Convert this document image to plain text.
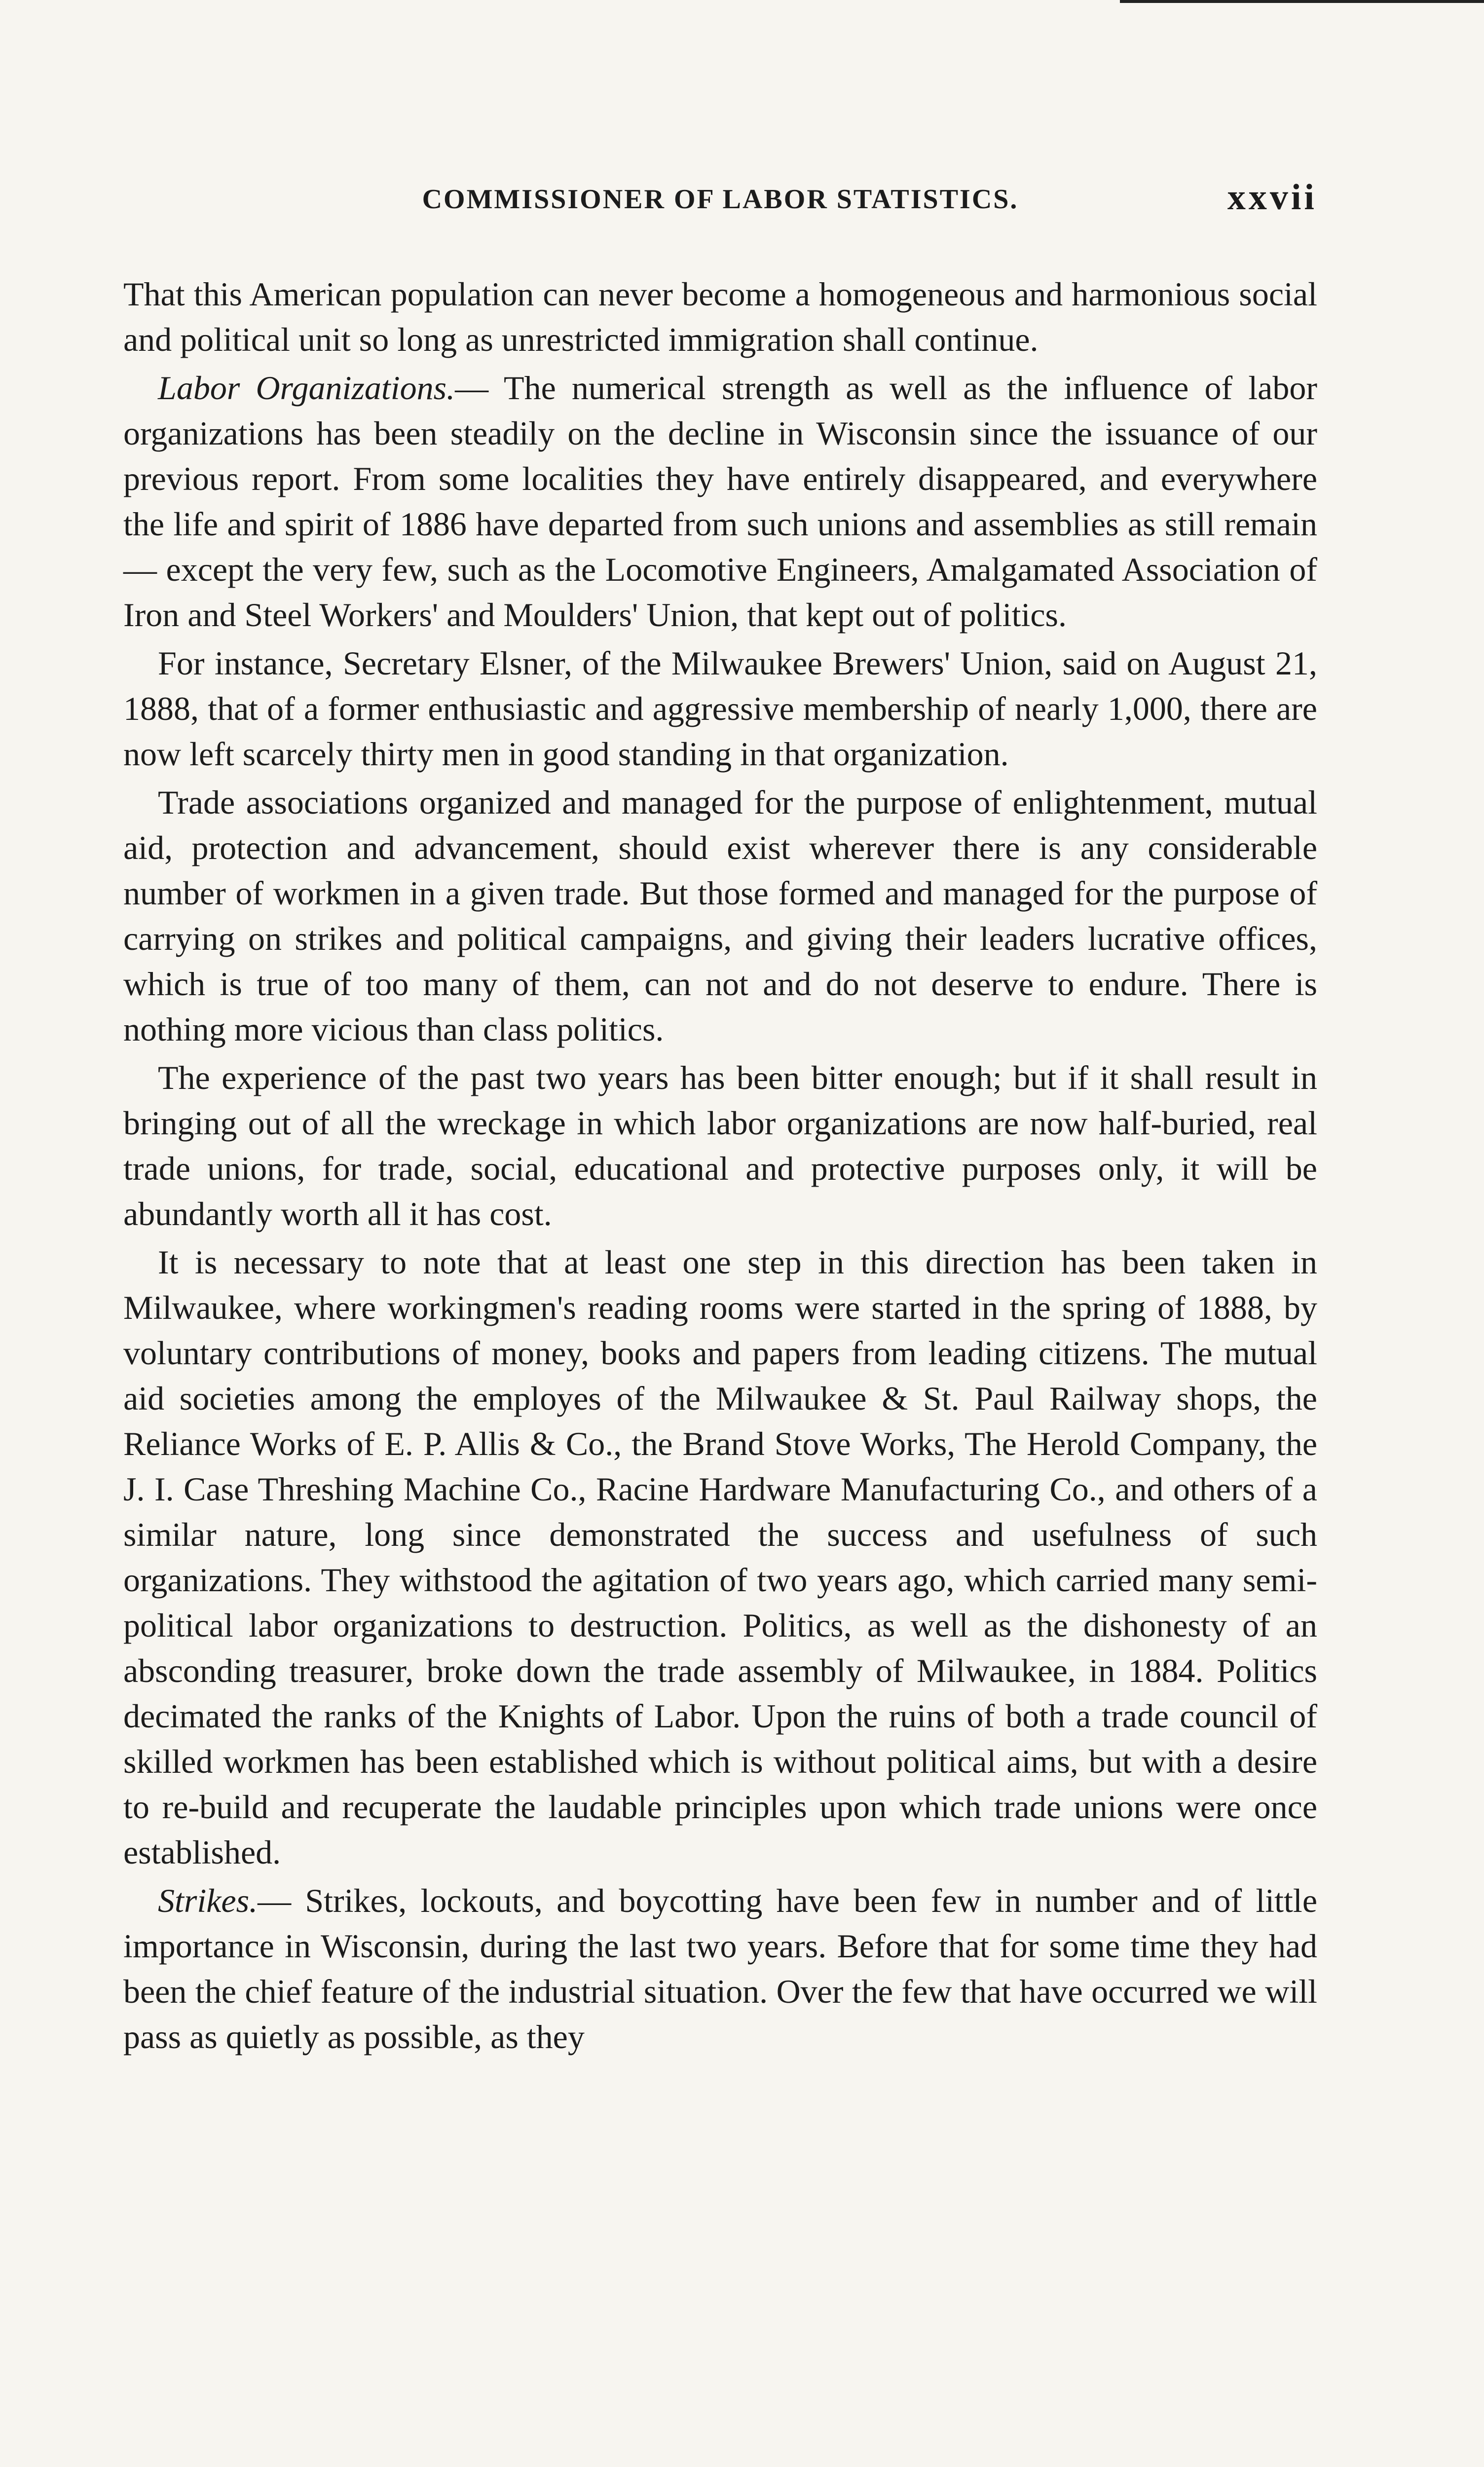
COMMISSIONER OF LABOR STATISTICS.	xxvii

That this American population can never become a homogeneous and harmonious social and political unit so long as unrestricted immigration shall continue.

Labor Organizations.— The numerical strength as well as the influence of labor organizations has been steadily on the decline in Wisconsin since the issuance of our previous report. From some localities they have entirely disappeared, and everywhere the life and spirit of 1886 have departed from such unions and assemblies as still remain — except the very few, such as the Locomotive Engineers, Amalgamated Association of Iron and Steel Workers' and Moulders' Union, that kept out of politics.

For instance, Secretary Elsner, of the Milwaukee Brewers' Union, said on August 21, 1888, that of a former enthusiastic and aggressive membership of nearly 1,000, there are now left scarcely thirty men in good standing in that organization.

Trade associations organized and managed for the purpose of enlightenment, mutual aid, protection and advancement, should exist wherever there is any considerable number of workmen in a given trade. But those formed and managed for the purpose of carrying on strikes and political campaigns, and giving their leaders lucrative offices, which is true of too many of them, can not and do not deserve to endure. There is nothing more vicious than class politics.

The experience of the past two years has been bitter enough; but if it shall result in bringing out of all the wreckage in which labor organizations are now half-buried, real trade unions, for trade, social, educational and protective purposes only, it will be abundantly worth all it has cost.

It is necessary to note that at least one step in this direction has been taken in Milwaukee, where workingmen's reading rooms were started in the spring of 1888, by voluntary contributions of money, books and papers from leading citizens. The mutual aid societies among the employes of the Milwaukee & St. Paul Railway shops, the Reliance Works of E. P. Allis & Co., the Brand Stove Works, The Herold Company, the J. I. Case Threshing Machine Co., Racine Hardware Manufacturing Co., and others of a similar nature, long since demonstrated the success and usefulness of such organizations. They withstood the agitation of two years ago, which carried many semi-political labor organizations to destruction. Politics, as well as the dishonesty of an absconding treasurer, broke down the trade assembly of Milwaukee, in 1884. Politics decimated the ranks of the Knights of Labor. Upon the ruins of both a trade council of skilled workmen has been established which is without political aims, but with a desire to re-build and recuperate the laudable principles upon which trade unions were once established.

Strikes.— Strikes, lockouts, and boycotting have been few in number and of little importance in Wisconsin, during the last two years. Before that for some time they had been the chief feature of the industrial situation. Over the few that have occurred we will pass as quietly as possible, as they
